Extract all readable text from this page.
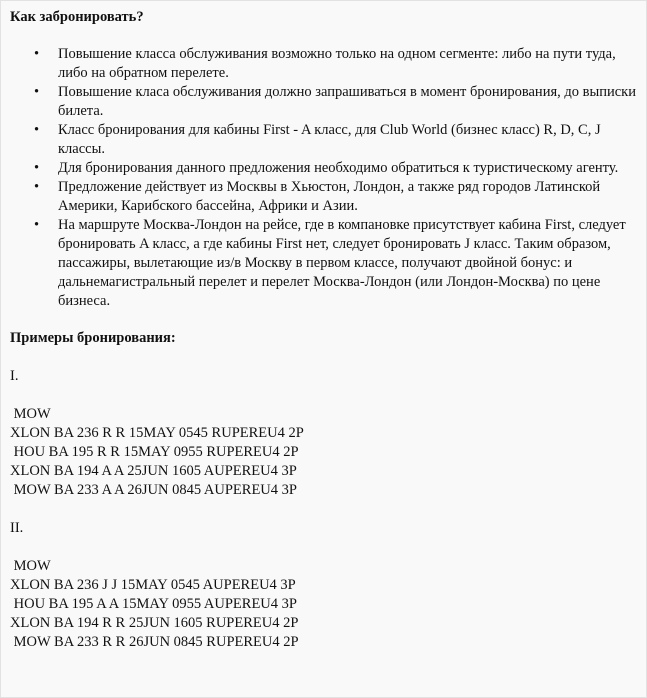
Как забронировать?
• Повышение класса обслуживания возможно только на одном сегменте: либо на пути туда, либо на обратном перелете.
• Повышение класа обслуживания должно запрашиваться в момент бронирования, до выписки билета.
• Класс бронирования для кабины First - A класс, для Club World (бизнес класс) R, D, C, J классы.
• Для бронирования данного предложения необходимо обратиться к туристическому агенту.
• Предложение действует из Москвы в Хьюстон, Лондон, а также ряд городов Латинской Америки, Карибского бассейна, Африки и Азии.
• На маршруте Москва-Лондон на рейсе, где в компановке присутствует кабина First, следует бронировать A класс, а где кабины First нет, следует бронировать J класс. Таким образом, пассажиры, вылетающие из/в Москву в первом классе, получают двойной бонус: и дальнемагистральный перелет и перелет Москва-Лондон (или Лондон-Москва) по цене бизнеса.
Примеры бронирования:
I.
MOW
XLON BA 236 R R 15MAY 0545 RUPEREU4 2P
HOU BA 195 R R 15MAY 0955 RUPEREU4 2P
XLON BA 194 A A 25JUN 1605 AUPEREU4 3P
MOW BA 233 A A 26JUN 0845 AUPEREU4 3P
II.
MOW
XLON BA 236 J J 15MAY 0545 AUPEREU4 3P
HOU BA 195 A A 15MAY 0955 AUPEREU4 3P
XLON BA 194 R R 25JUN 1605 RUPEREU4 2P
MOW BA 233 R R 26JUN 0845 RUPEREU4 2P
